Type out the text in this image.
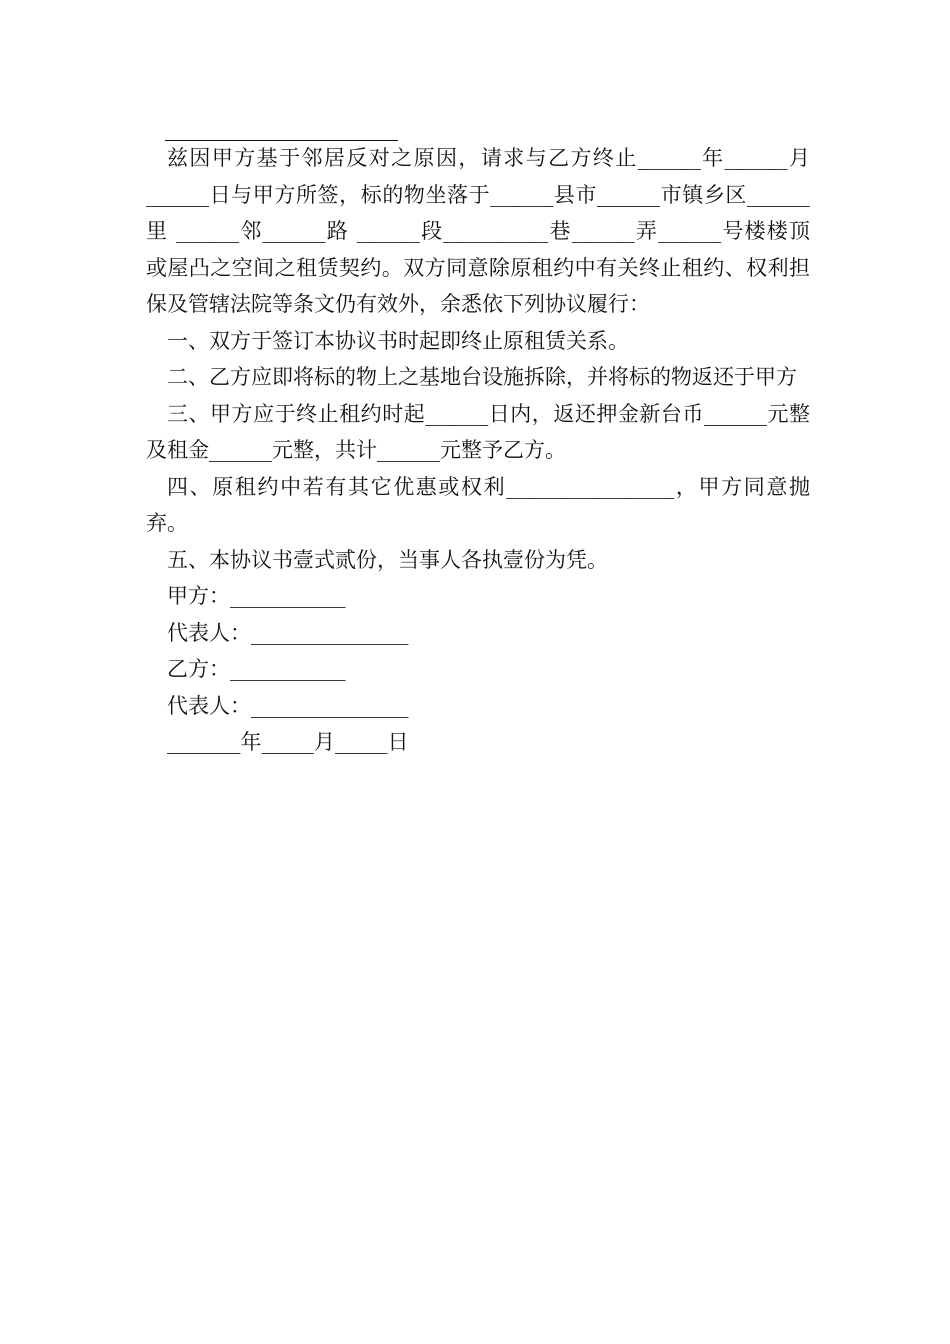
兹因甲方基于邻居反对之原因，请求与乙方终止______年______月______日与甲方所签，标的物坐落于______县市______市镇乡区______里 ______邻______路 ______段__________巷______弄______号楼楼顶或屋凸之空间之租赁契约。双方同意除原租约中有关终止租约、权利担保及管辖法院等条文仍有效外，余悉依下列协议履行：

一、双方于签订本协议书时起即终止原租赁关系。

二、乙方应即将标的物上之基地台设施拆除，并将标的物返还于甲方

三、甲方应于终止租约时起______日内，返还押金新台币______元整及租金______元整，共计______元整予乙方。

四、原租约中若有其它优惠或权利________________，甲方同意抛弃。

五、本协议书壹式贰份，当事人各执壹份为凭。

甲方：___________

代表人：_______________

乙方：___________

代表人：_______________

_______年_____月_____日
